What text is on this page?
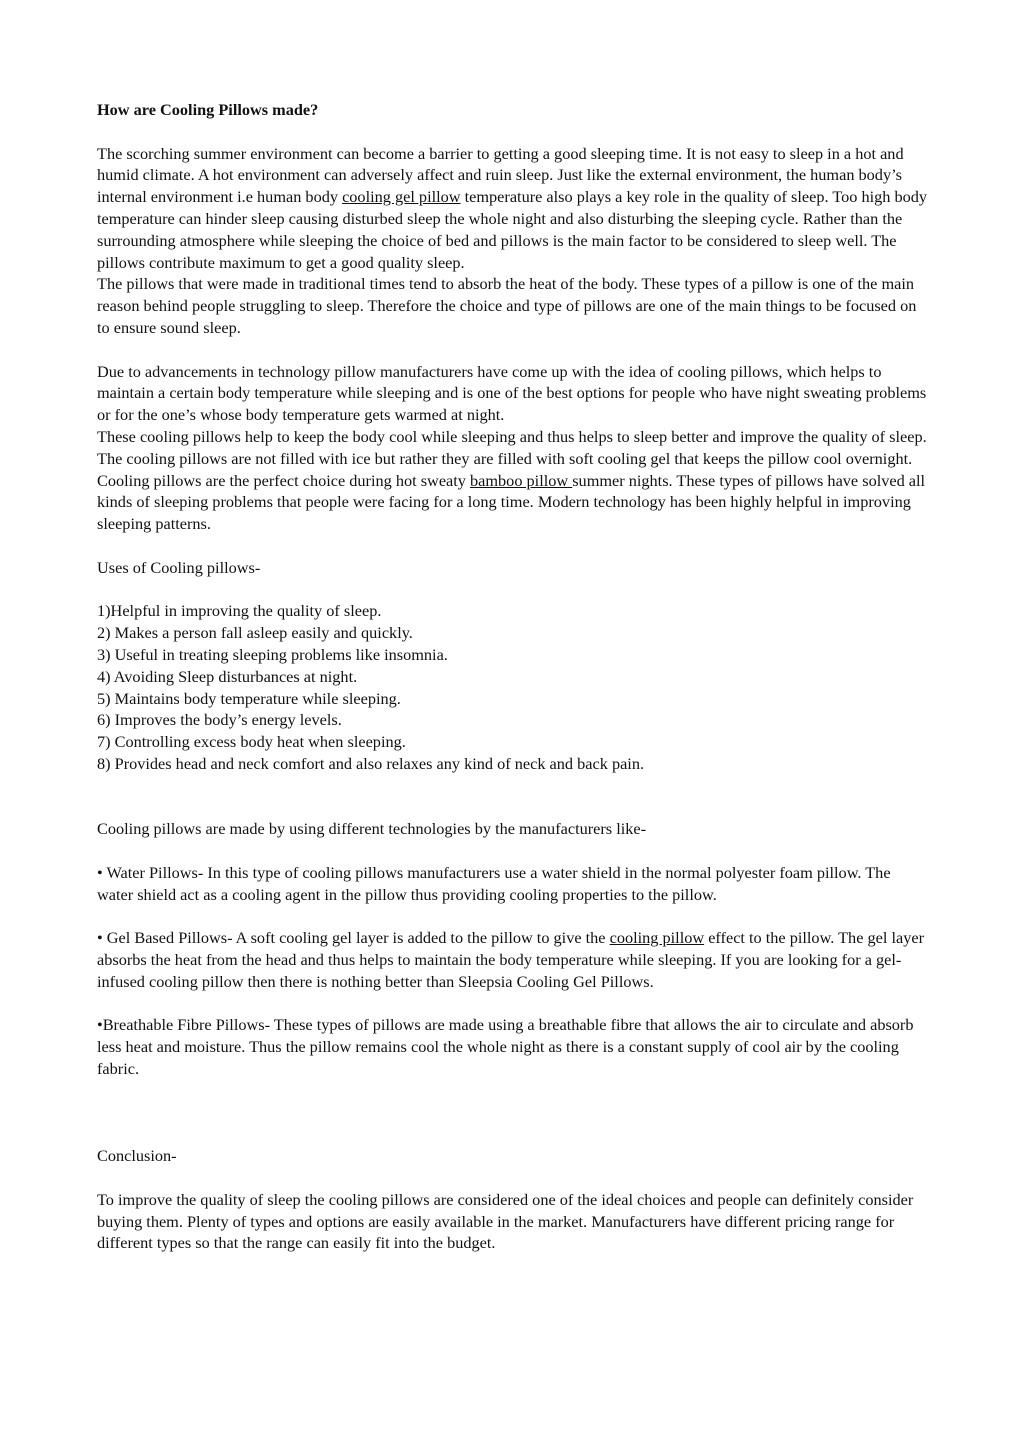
How are Cooling Pillows made?

The scorching summer environment can become a barrier to getting a good sleeping time. It is not easy to sleep in a hot and humid climate. A hot environment can adversely affect and ruin sleep. Just like the external environment, the human body’s internal environment i.e human body cooling gel pillow temperature also plays a key role in the quality of sleep. Too high body temperature can hinder sleep causing disturbed sleep the whole night and also disturbing the sleeping cycle. Rather than the surrounding atmosphere while sleeping the choice of bed and pillows is the main factor to be considered to sleep well. The pillows contribute maximum to get a good quality sleep.

The pillows that were made in traditional times tend to absorb the heat of the body. These types of a pillow is one of the main reason behind people struggling to sleep. Therefore the choice and type of pillows are one of the main things to be focused on to ensure sound sleep.

Due to advancements in technology pillow manufacturers have come up with the idea of cooling pillows, which helps to maintain a certain body temperature while sleeping and is one of the best options for people who have night sweating problems or for the one’s whose body temperature gets warmed at night.

These cooling pillows help to keep the body cool while sleeping and thus helps to sleep better and improve the quality of sleep.

The cooling pillows are not filled with ice but rather they are filled with soft cooling gel that keeps the pillow cool overnight. Cooling pillows are the perfect choice during hot sweaty bamboo pillow summer nights. These types of pillows have solved all kinds of sleeping problems that people were facing for a long time. Modern technology has been highly helpful in improving sleeping patterns.

Uses of Cooling pillows-

1)Helpful in improving the quality of sleep.
2) Makes a person fall asleep easily and quickly.
3) Useful in treating sleeping problems like insomnia.
4) Avoiding Sleep disturbances at night.
5) Maintains body temperature while sleeping.
6) Improves the body’s energy levels.
7) Controlling excess body heat when sleeping.
8) Provides head and neck comfort and also relaxes any kind of neck and back pain.

Cooling pillows are made by using different technologies by the manufacturers like-

• Water Pillows- In this type of cooling pillows manufacturers use a water shield in the normal polyester foam pillow. The water shield act as a cooling agent in the pillow thus providing cooling properties to the pillow.

• Gel Based Pillows- A soft cooling gel layer is added to the pillow to give the cooling pillow effect to the pillow. The gel layer absorbs the heat from the head and thus helps to maintain the body temperature while sleeping. If you are looking for a gel-infused cooling pillow then there is nothing better than Sleepsia Cooling Gel Pillows.

•Breathable Fibre Pillows- These types of pillows are made using a breathable fibre that allows the air to circulate and absorb less heat and moisture. Thus the pillow remains cool the whole night as there is a constant supply of cool air by the cooling fabric.

Conclusion-

To improve the quality of sleep the cooling pillows are considered one of the ideal choices and people can definitely consider buying them. Plenty of types and options are easily available in the market. Manufacturers have different pricing range for different types so that the range can easily fit into the budget.
